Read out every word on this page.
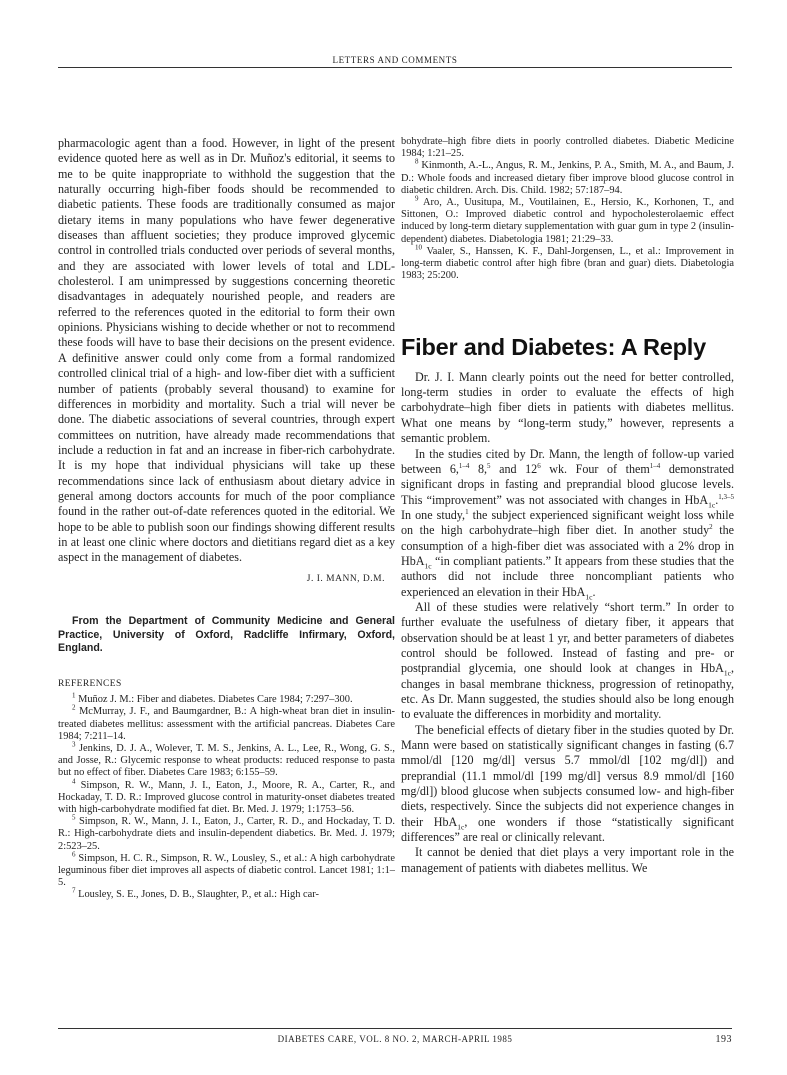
LETTERS AND COMMENTS

pharmacologic agent than a food. However, in light of the present evidence quoted here as well as in Dr. Muñoz's editorial, it seems to me to be quite inappropriate to withhold the suggestion that the naturally occurring high-fiber foods should be recommended to diabetic patients. These foods are traditionally consumed as major dietary items in many populations who have fewer degenerative diseases than affluent societies; they produce improved glycemic control in controlled trials conducted over periods of several months, and they are associated with lower levels of total and LDL-cholesterol. I am unimpressed by suggestions concerning theoretic disadvantages in adequately nourished people, and readers are referred to the references quoted in the editorial to form their own opinions. Physicians wishing to decide whether or not to recommend these foods will have to base their decisions on the present evidence. A definitive answer could only come from a formal randomized controlled clinical trial of a high- and low-fiber diet with a sufficient number of patients (probably several thousand) to examine for differences in morbidity and mortality. Such a trial will never be done. The diabetic associations of several countries, through expert committees on nutrition, have already made recommendations that include a reduction in fat and an increase in fiber-rich carbohydrate. It is my hope that individual physicians will take up these recommendations since lack of enthusiasm about dietary advice in general among doctors accounts for much of the poor compliance found in the rather out-of-date references quoted in the editorial. We hope to be able to publish soon our findings showing different results in at least one clinic where doctors and dietitians regard diet as a key aspect in the management of diabetes.

J. I. MANN, D.M.

From the Department of Community Medicine and General Practice, University of Oxford, Radcliffe Infirmary, Oxford, England.

REFERENCES

$^1$ Muñoz J. M.: Fiber and diabetes. Diabetes Care 1984; 7:297–300.

$^2$ McMurray, J. F., and Baumgardner, B.: A high-wheat bran diet in insulin-treated diabetes mellitus: assessment with the artificial pancreas. Diabetes Care 1984; 7:211–14.

$^3$ Jenkins, D. J. A., Wolever, T. M. S., Jenkins, A. L., Lee, R., Wong, G. S., and Josse, R.: Glycemic response to wheat products: reduced response to pasta but no effect of fiber. Diabetes Care 1983; 6:155–59.

$^4$ Simpson, R. W., Mann, J. I., Eaton, J., Moore, R. A., Carter, R., and Hockaday, T. D. R.: Improved glucose control in maturity-onset diabetes treated with high-carbohydrate modified fat diet. Br. Med. J. 1979; 1:1753–56.

$^5$ Simpson, R. W., Mann, J. I., Eaton, J., Carter, R. D., and Hockaday, T. D. R.: High-carbohydrate diets and insulin-dependent diabetics. Br. Med. J. 1979; 2:523–25.

$^6$ Simpson, H. C. R., Simpson, R. W., Lousley, S., et al.: A high carbohydrate leguminous fiber diet improves all aspects of diabetic control. Lancet 1981; 1:1–5.

$^7$ Lousley, S. E., Jones, D. B., Slaughter, P., et al.: High car-

bohydrate–high fibre diets in poorly controlled diabetes. Diabetic Medicine 1984; 1:21–25.

$^8$ Kinmonth, A.-L., Angus, R. M., Jenkins, P. A., Smith, M. A., and Baum, J. D.: Whole foods and increased dietary fiber improve blood glucose control in diabetic children. Arch. Dis. Child. 1982; 57:187–94.

$^9$ Aro, A., Uusitupa, M., Voutilainen, E., Hersio, K., Korhonen, T., and Sittonen, O.: Improved diabetic control and hypocholesterolaemic effect induced by long-term dietary supplementation with guar gum in type 2 (insulin-dependent) diabetes. Diabetologia 1981; 21:29–33.

$^{10}$ Vaaler, S., Hanssen, K. F., Dahl-Jorgensen, L., et al.: Improvement in long-term diabetic control after high fibre (bran and guar) diets. Diabetologia 1983; 25:200.

Fiber and Diabetes: A Reply

Dr. J. I. Mann clearly points out the need for better controlled, long-term studies in order to evaluate the effects of high carbohydrate–high fiber diets in patients with diabetes mellitus. What one means by “long-term study,” however, represents a semantic problem.

In the studies cited by Dr. Mann, the length of follow-up varied between 6,$^{1-4}$ 8,$^5$ and $12^6$ wk. Four of them$^{1-4}$ demonstrated significant drops in fasting and preprandial blood glucose levels. This “improvement” was not associated with changes in HbA$_{1c}$.$^{1,3-5}$ In one study,$^1$ the subject experienced significant weight loss while on the high carbohydrate–high fiber diet. In another study$^2$ the consumption of a high-fiber diet was associated with a 2% drop in HbA$_{1c}$ “in compliant patients.” It appears from these studies that the authors did not include three noncompliant patients who experienced an elevation in their HbA$_{1c}$.

All of these studies were relatively “short term.” In order to further evaluate the usefulness of dietary fiber, it appears that observation should be at least 1 yr, and better parameters of diabetes control should be followed. Instead of fasting and pre- or postprandial glycemia, one should look at changes in HbA$_{1c}$, changes in basal membrane thickness, progression of retinopathy, etc. As Dr. Mann suggested, the studies should also be long enough to evaluate the differences in morbidity and mortality.

The beneficial effects of dietary fiber in the studies quoted by Dr. Mann were based on statistically significant changes in fasting (6.7 mmol/dl [120 mg/dl] versus 5.7 mmol/dl [102 mg/dl]) and preprandial (11.1 mmol/dl [199 mg/dl] versus 8.9 mmol/dl [160 mg/dl]) blood glucose when subjects consumed low- and high-fiber diets, respectively. Since the subjects did not experience changes in their HbA$_{1c}$, one wonders if those “statistically significant differences” are real or clinically relevant.

It cannot be denied that diet plays a very important role in the management of patients with diabetes mellitus. We

DIABETES CARE, VOL. 8 NO. 2, MARCH-APRIL 1985	193
